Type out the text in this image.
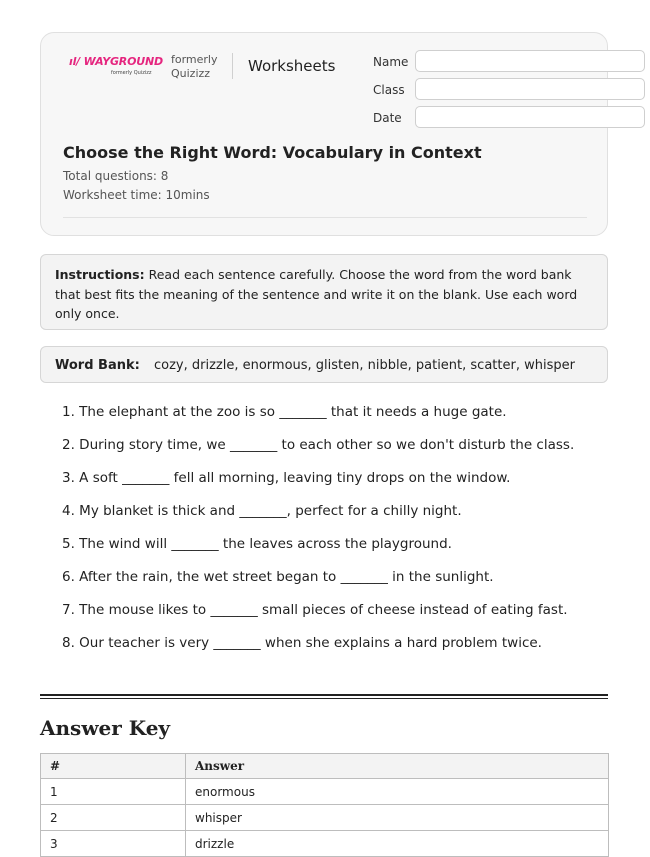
ıl/ WAYGROUND
formerly Quizizz
formerly Quizizz	Worksheets	Name
Class
Date
Choose the Right Word: Vocabulary in Context
Total questions: 8
Worksheet time: 10mins
Instructions: Read each sentence carefully. Choose the word from the word bank that best fits the meaning of the sentence and write it on the blank. Use each word only once.
Word Bank: cozy, drizzle, enormous, glisten, nibble, patient, scatter, whisper
1. The elephant at the zoo is so _______ that it needs a huge gate.
2. During story time, we _______ to each other so we don't disturb the class.
3. A soft _______ fell all morning, leaving tiny drops on the window.
4. My blanket is thick and _______, perfect for a chilly night.
5. The wind will _______ the leaves across the playground.
6. After the rain, the wet street began to _______ in the sunlight.
7. The mouse likes to _______ small pieces of cheese instead of eating fast.
8. Our teacher is very _______ when she explains a hard problem twice.
Answer Key
#	Answer
1	enormous
2	whisper
3	drizzle
